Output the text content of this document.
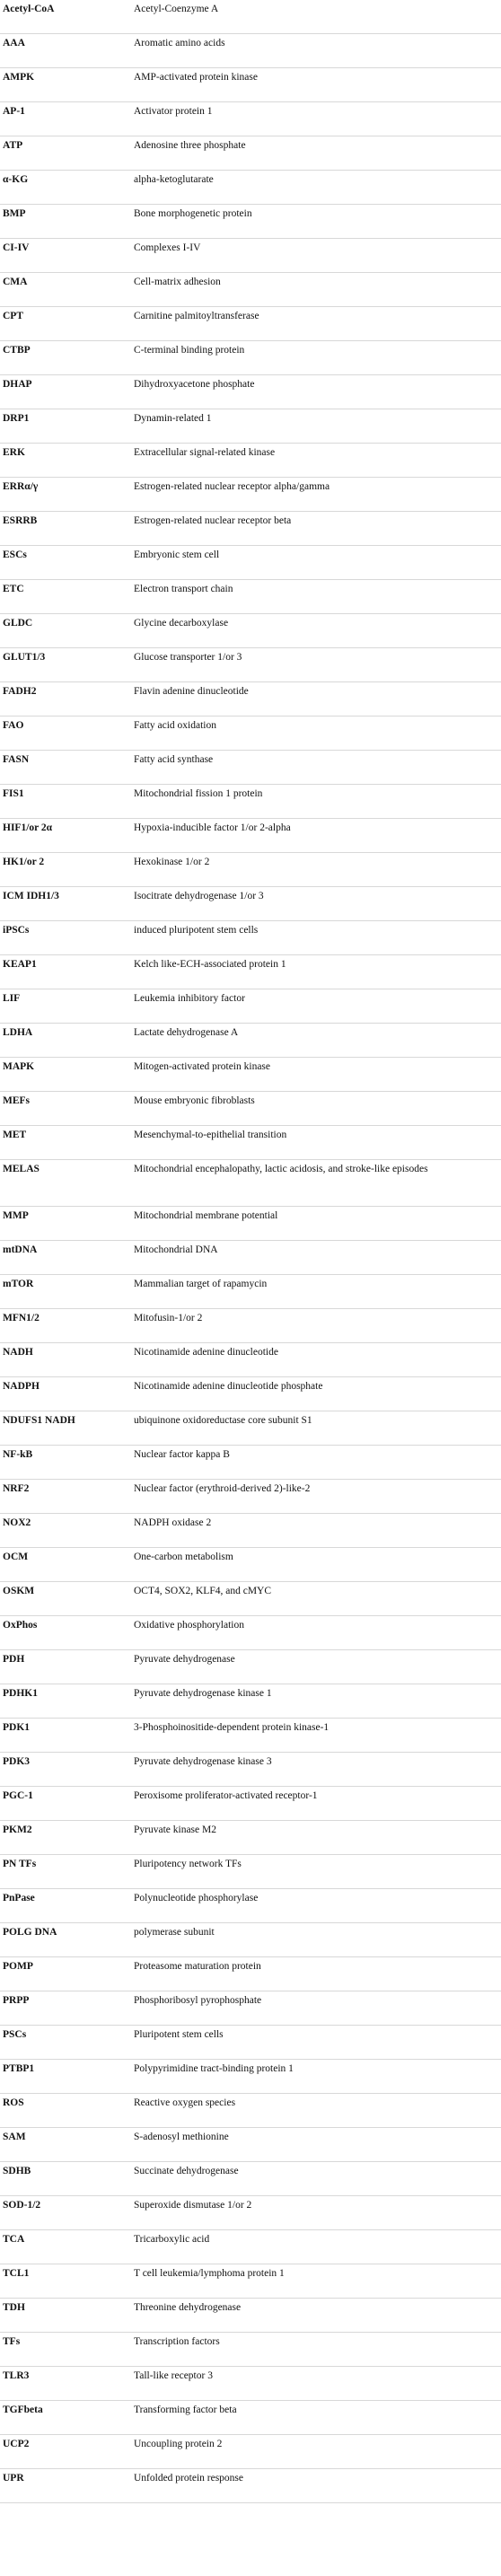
Acetyl-CoA	Acetyl-Coenzyme A
AAA	Aromatic amino acids
AMPK	AMP-activated protein kinase
AP-1	Activator protein 1
ATP	Adenosine three phosphate
α-KG	alpha-ketoglutarate
BMP	Bone morphogenetic protein
CI-IV	Complexes I-IV
CMA	Cell-matrix adhesion
CPT	Carnitine palmitoyltransferase
CTBP	C-terminal binding protein
DHAP	Dihydroxyacetone phosphate
DRP1	Dynamin-related 1
ERK	Extracellular signal-related kinase
ERRα/γ	Estrogen-related nuclear receptor alpha/gamma
ESRRB	Estrogen-related nuclear receptor beta
ESCs	Embryonic stem cell
ETC	Electron transport chain
GLDC	Glycine decarboxylase
GLUT1/3	Glucose transporter 1/or 3
FADH2	Flavin adenine dinucleotide
FAO	Fatty acid oxidation
FASN	Fatty acid synthase
FIS1	Mitochondrial fission 1 protein
HIF1/or 2α	Hypoxia-inducible factor 1/or 2-alpha
HK1/or 2	Hexokinase 1/or 2
ICM IDH1/3	Isocitrate dehydrogenase 1/or 3
iPSCs	induced pluripotent stem cells
KEAP1	Kelch like-ECH-associated protein 1
LIF	Leukemia inhibitory factor
LDHA	Lactate dehydrogenase A
MAPK	Mitogen-activated protein kinase
MEFs	Mouse embryonic fibroblasts
MET	Mesenchymal-to-epithelial transition
MELAS	Mitochondrial encephalopathy, lactic acidosis, and stroke-like episodes
MMP	Mitochondrial membrane potential
mtDNA	Mitochondrial DNA
mTOR	Mammalian target of rapamycin
MFN1/2	Mitofusin-1/or 2
NADH	Nicotinamide adenine dinucleotide
NADPH	Nicotinamide adenine dinucleotide phosphate
NDUFS1 NADH	ubiquinone oxidoreductase core subunit S1
NF-kB	Nuclear factor kappa B
NRF2	Nuclear factor (erythroid-derived 2)-like-2
NOX2	NADPH oxidase 2
OCM	One-carbon metabolism
OSKM	OCT4, SOX2, KLF4, and cMYC
OxPhos	Oxidative phosphorylation
PDH	Pyruvate dehydrogenase
PDHK1	Pyruvate dehydrogenase kinase 1
PDK1	3-Phosphoinositide-dependent protein kinase-1
PDK3	Pyruvate dehydrogenase kinase 3
PGC-1	Peroxisome proliferator-activated receptor-1
PKM2	Pyruvate kinase M2
PN TFs	Pluripotency network TFs
PnPase	Polynucleotide phosphorylase
POLG DNA	polymerase subunit
POMP	Proteasome maturation protein
PRPP	Phosphoribosyl pyrophosphate
PSCs	Pluripotent stem cells
PTBP1	Polypyrimidine tract-binding protein 1
ROS	Reactive oxygen species
SAM	S-adenosyl methionine
SDHB	Succinate dehydrogenase
SOD-1/2	Superoxide dismutase 1/or 2
TCA	Tricarboxylic acid
TCL1	T cell leukemia/lymphoma protein 1
TDH	Threonine dehydrogenase
TFs	Transcription factors
TLR3	Tall-like receptor 3
TGFbeta	Transforming factor beta
UCP2	Uncoupling protein 2
UPR	Unfolded protein response
